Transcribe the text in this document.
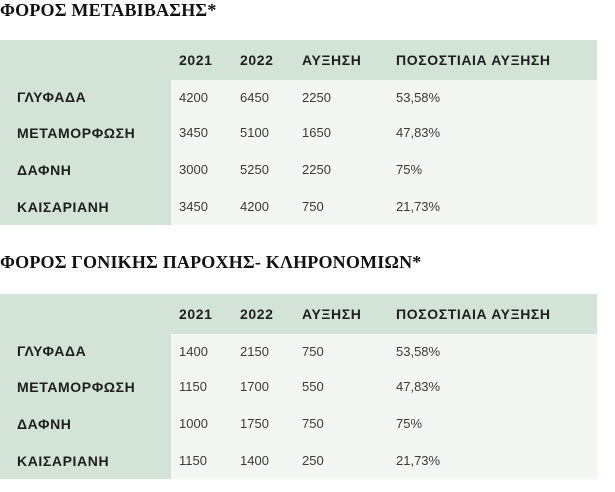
ΦΟΡΟΣ ΜΕΤΑΒΙΒΑΣΗΣ*
	2021	2022	ΑΥΞΗΣΗ	ΠΟΣΟΣΤΙΑΙΑ ΑΥΞΗΣΗ
ΓΛΥΦΑΔΑ	4200	6450	2250	53,58%
ΜΕΤΑΜΟΡΦΩΣΗ	3450	5100	1650	47,83%
ΔΑΦΝΗ	3000	5250	2250	75%
ΚΑΙΣΑΡΙΑΝΗ	3450	4200	750	21,73%
ΦΟΡΟΣ ΓΟΝΙΚΗΣ ΠΑΡΟΧΗΣ- ΚΛΗΡΟΝΟΜΙΩΝ*
	2021	2022	ΑΥΞΗΣΗ	ΠΟΣΟΣΤΙΑΙΑ ΑΥΞΗΣΗ
ΓΛΥΦΑΔΑ	1400	2150	750	53,58%
ΜΕΤΑΜΟΡΦΩΣΗ	1150	1700	550	47,83%
ΔΑΦΝΗ	1000	1750	750	75%
ΚΑΙΣΑΡΙΑΝΗ	1150	1400	250	21,73%
